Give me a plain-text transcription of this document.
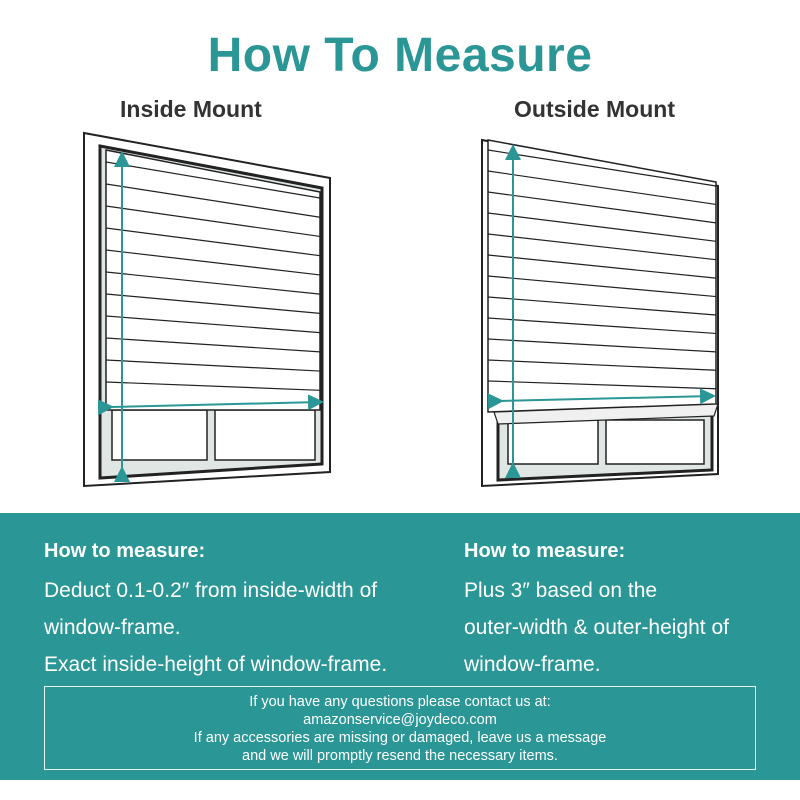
How To Measure
Inside Mount	Outside Mount
How to measure:
Deduct 0.1-0.2″ from inside-width of
window-frame.
Exact inside-height of window-frame.
How to measure:
Plus 3″ based on the
outer-width & outer-height of
window-frame.
If you have any questions please contact us at:
amazonservice@joydeco.com
If any accessories are missing or damaged, leave us a message
and we will promptly resend the necessary items.
